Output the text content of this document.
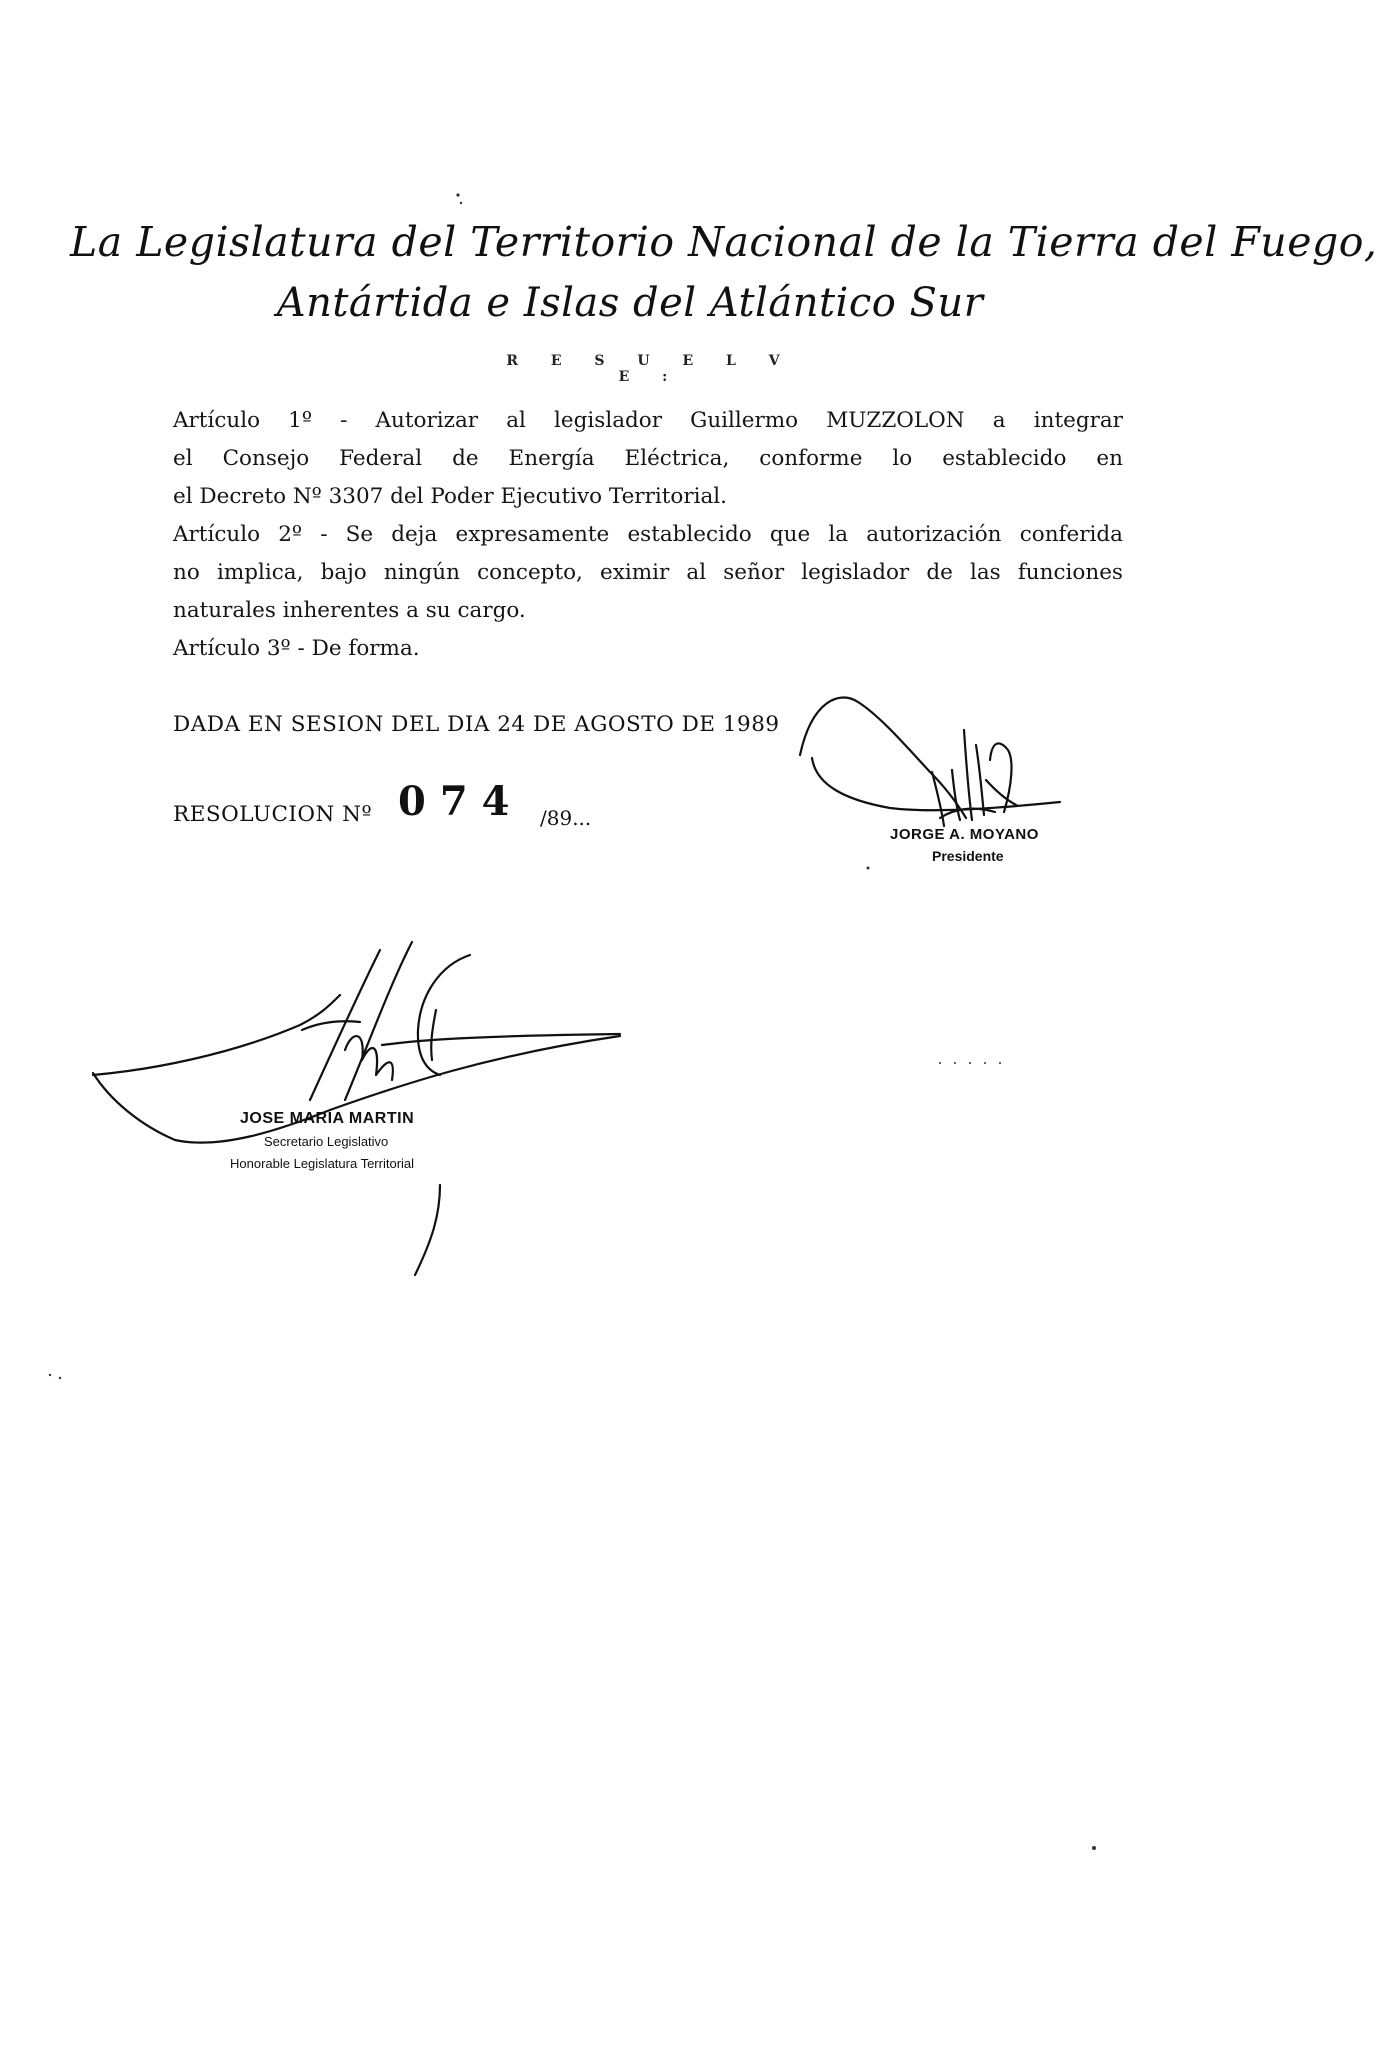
La Legislatura del Territorio Nacional de la Tierra del Fuego,
Antártida e Islas del Atlántico Sur
R E S U E L V E :
Artículo 1º - Autorizar al legislador Guillermo MUZZOLON a integrar
el Consejo Federal de Energía Eléctrica, conforme lo establecido en
el Decreto Nº 3307 del Poder Ejecutivo Territorial.
Artículo 2º - Se deja expresamente establecido que la autorización conferida
no implica, bajo ningún concepto, eximir al señor legislador de las funciones
naturales inherentes a su cargo.
Artículo 3º - De forma.
DADA EN SESION DEL DIA 24 DE AGOSTO DE 1989
RESOLUCION Nº 074 /89...
JORGE A. MOYANO
Presidente
JOSE MARIA MARTIN
Secretario Legislativo
Honorable Legislatura Territorial
